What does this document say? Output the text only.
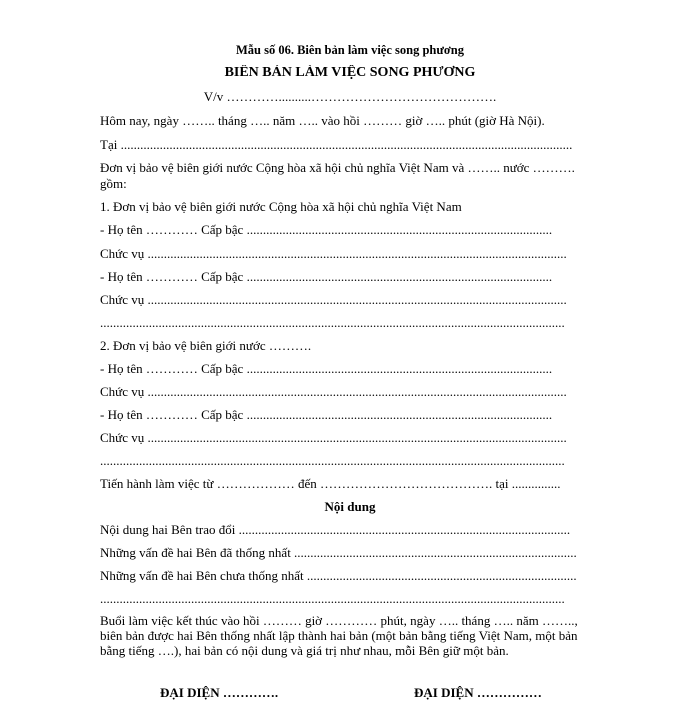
Mẫu số 06. Biên bản làm việc song phương
BIÊN BẢN LÀM VIỆC SONG PHƯƠNG
V/v …………..........…………………………………….
Hôm nay, ngày …….. tháng ….. năm ….. vào hồi ……… giờ ….. phút (giờ Hà Nội).
Tại ...........................................................................................................................................
Đơn vị bảo vệ biên giới nước Cộng hòa xã hội chủ nghĩa Việt Nam và …….. nước ……….
gồm:
1. Đơn vị bảo vệ biên giới nước Cộng hòa xã hội chủ nghĩa Việt Nam
- Họ tên ………… Cấp bậc ..............................................................................................
Chức vụ .................................................................................................................................
- Họ tên ………… Cấp bậc ..............................................................................................
Chức vụ .................................................................................................................................
...............................................................................................................................................
2. Đơn vị bảo vệ biên giới nước ……….
- Họ tên ………… Cấp bậc ..............................................................................................
Chức vụ .................................................................................................................................
- Họ tên ………… Cấp bậc ..............................................................................................
Chức vụ .................................................................................................................................
...............................................................................................................................................
Tiến hành làm việc từ ……………… đến …………………………………. tại ...............
Nội dung
Nội dung hai Bên trao đổi ......................................................................................................
Những vấn đề hai Bên đã thống nhất .......................................................................................
Những vấn đề hai Bên chưa thống nhất ...................................................................................
...............................................................................................................................................
Buổi làm việc kết thúc vào hồi ……… giờ ………… phút, ngày ….. tháng ….. năm ……..,
biên bản được hai Bên thống nhất lập thành hai bản (một bản bằng tiếng Việt Nam, một bản
bằng tiếng ….), hai bản có nội dung và giá trị như nhau, mỗi Bên giữ một bản.
ĐẠI DIỆN ………….	ĐẠI DIỆN ……………
